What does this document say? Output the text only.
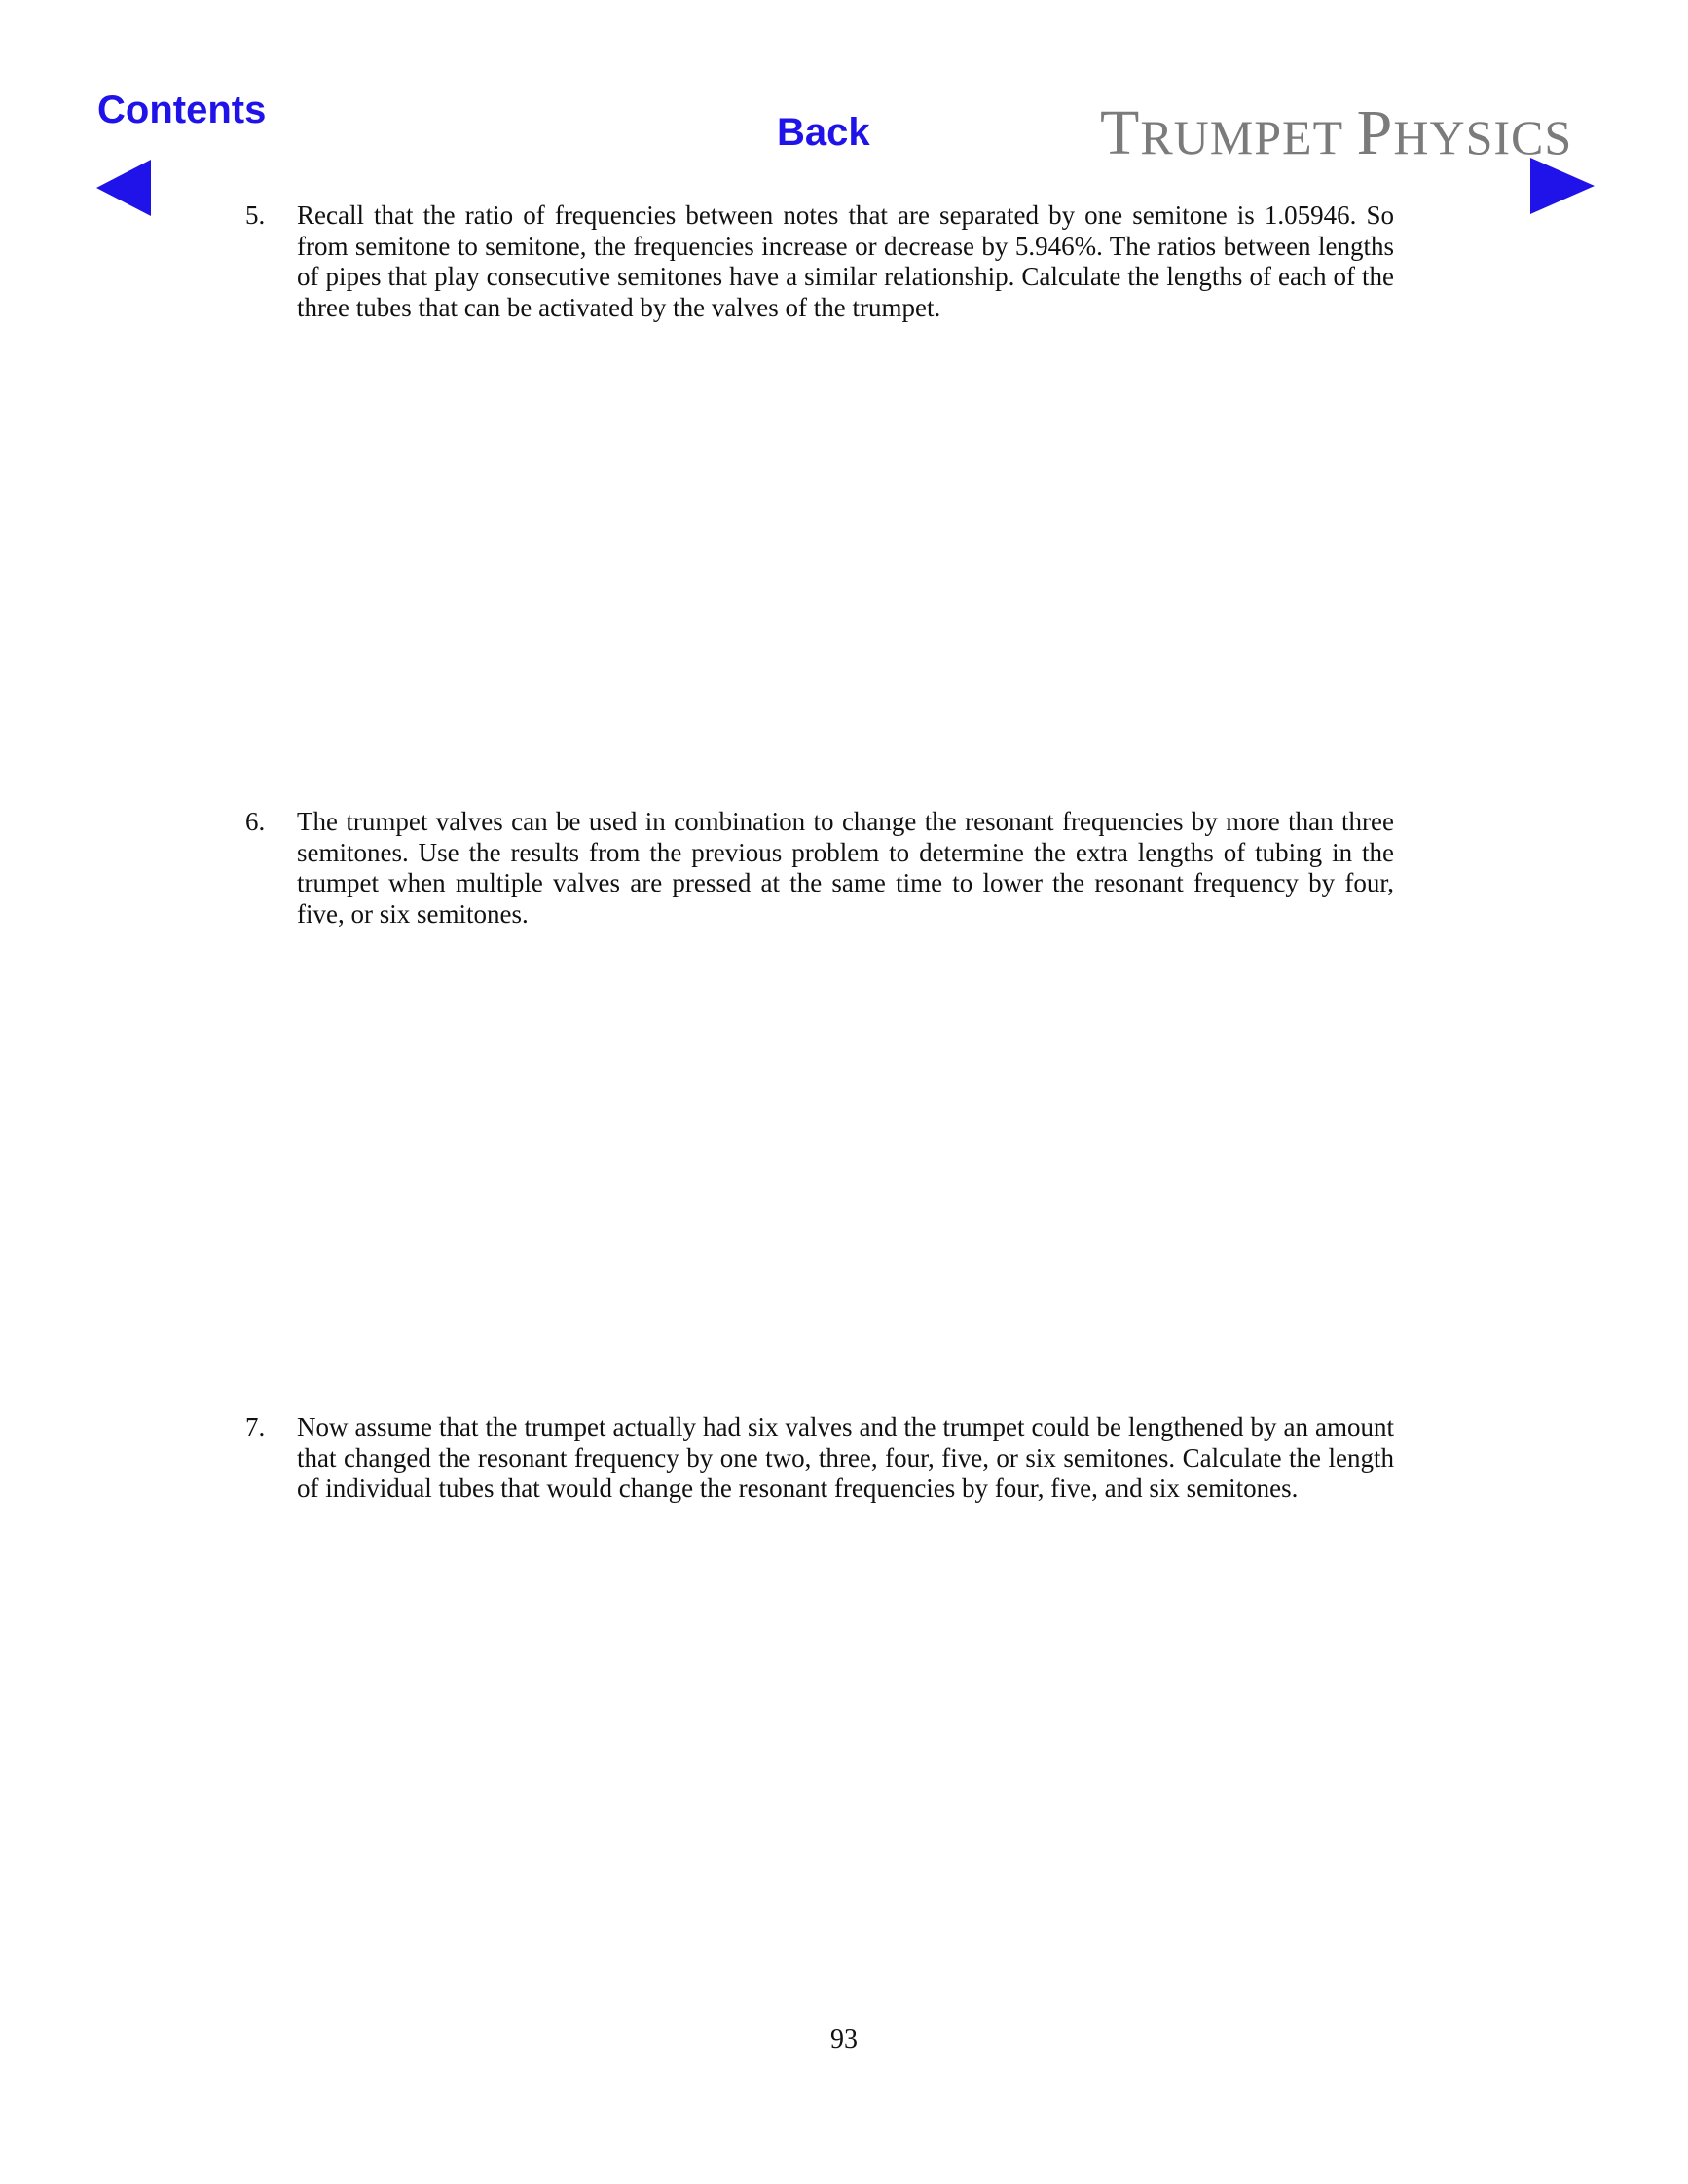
Contents
Back	TRUMPET PHYSICS
5.	Recall that the ratio of frequencies between notes that are separated by one semitone is 1.05946. So from semitone to semitone, the frequencies increase or decrease by 5.946%. The ratios between lengths of pipes that play consecutive semitones have a similar relationship. Calculate the lengths of each of the three tubes that can be activated by the valves of the trumpet.
6.	The trumpet valves can be used in combination to change the resonant frequencies by more than three semitones. Use the results from the previous problem to determine the extra lengths of tubing in the trumpet when multiple valves are pressed at the same time to lower the resonant frequency by four, five, or six semitones.
7.	Now assume that the trumpet actually had six valves and the trumpet could be lengthened by an amount that changed the resonant frequency by one two, three, four, five, or six semitones. Calculate the length of individual tubes that would change the resonant frequencies by four, five, and six semitones.
93
